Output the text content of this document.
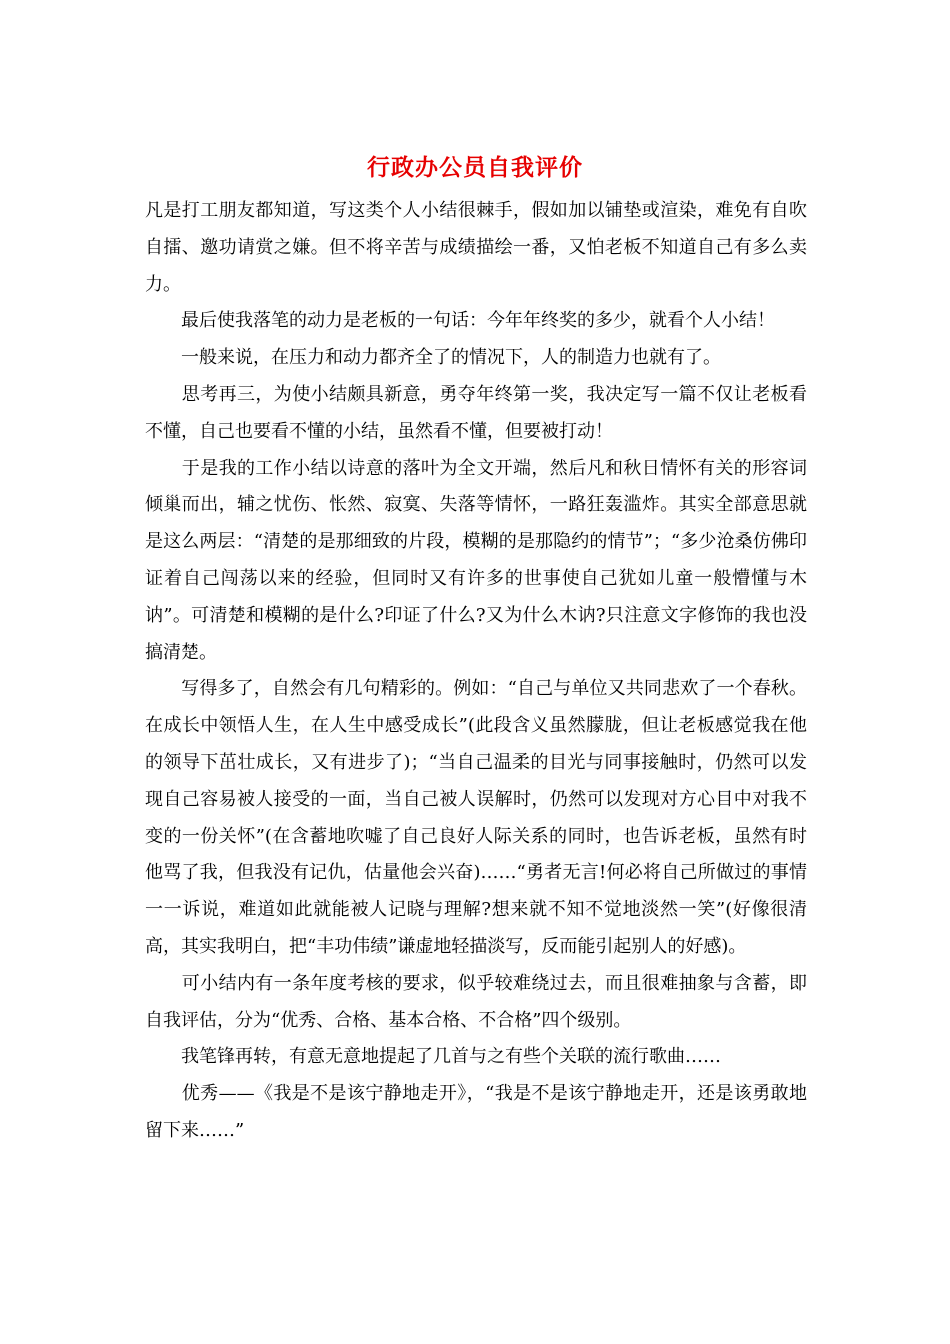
行政办公员自我评价

凡是打工朋友都知道，写这类个人小结很棘手，假如加以铺垫或渲染，难免有自吹自擂、邀功请赏之嫌。但不将辛苦与成绩描绘一番，又怕老板不知道自己有多么卖力。

　　最后使我落笔的动力是老板的一句话：今年年终奖的多少，就看个人小结！

　　一般来说，在压力和动力都齐全了的情况下，人的制造力也就有了。

　　思考再三，为使小结颇具新意，勇夺年终第一奖，我决定写一篇不仅让老板看不懂，自己也要看不懂的小结，虽然看不懂，但要被打动！

　　于是我的工作小结以诗意的落叶为全文开端，然后凡和秋日情怀有关的形容词倾巢而出，辅之忧伤、怅然、寂寞、失落等情怀，一路狂轰滥炸。其实全部意思就是这么两层：“清楚的是那细致的片段，模糊的是那隐约的情节”；“多少沧桑仿佛印证着自己闯荡以来的经验，但同时又有许多的世事使自己犹如儿童一般懵懂与木讷”。可清楚和模糊的是什么?印证了什么?又为什么木讷?只注意文字修饰的我也没搞清楚。

　　写得多了，自然会有几句精彩的。例如：“自己与单位又共同悲欢了一个春秋。在成长中领悟人生，在人生中感受成长”(此段含义虽然朦胧，但让老板感觉我在他的领导下茁壮成长，又有进步了)；“当自己温柔的目光与同事接触时，仍然可以发现自己容易被人接受的一面，当自己被人误解时，仍然可以发现对方心目中对我不变的一份关怀”(在含蓄地吹嘘了自己良好人际关系的同时，也告诉老板，虽然有时他骂了我，但我没有记仇，估量他会兴奋)……“勇者无言!何必将自己所做过的事情一一诉说，难道如此就能被人记晓与理解?想来就不知不觉地淡然一笑”(好像很清高，其实我明白，把“丰功伟绩”谦虚地轻描淡写，反而能引起别人的好感)。

　　可小结内有一条年度考核的要求，似乎较难绕过去，而且很难抽象与含蓄，即自我评估，分为“优秀、合格、基本合格、不合格”四个级别。

　　我笔锋再转，有意无意地提起了几首与之有些个关联的流行歌曲……

　　优秀——《我是不是该宁静地走开》，“我是不是该宁静地走开，还是该勇敢地留下来……”
